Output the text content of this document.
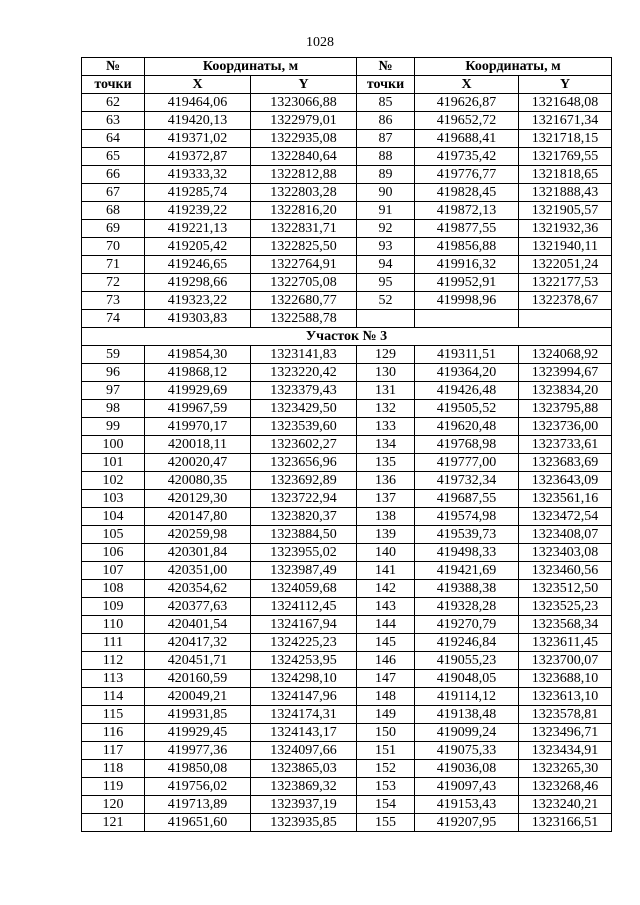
1028
№	Координаты, м		№	Координаты, м	
точки	X	Y	точки	X	Y
62	419464,06	1323066,88	85	419626,87	1321648,08
63	419420,13	1322979,01	86	419652,72	1321671,34
64	419371,02	1322935,08	87	419688,41	1321718,15
65	419372,87	1322840,64	88	419735,42	1321769,55
66	419333,32	1322812,88	89	419776,77	1321818,65
67	419285,74	1322803,28	90	419828,45	1321888,43
68	419239,22	1322816,20	91	419872,13	1321905,57
69	419221,13	1322831,71	92	419877,55	1321932,36
70	419205,42	1322825,50	93	419856,88	1321940,11
71	419246,65	1322764,91	94	419916,32	1322051,24
72	419298,66	1322705,08	95	419952,91	1322177,53
73	419323,22	1322680,77	52	419998,96	1322378,67
74	419303,83	1322588,78			
Участок № 3					
59	419854,30	1323141,83	129	419311,51	1324068,92
96	419868,12	1323220,42	130	419364,20	1323994,67
97	419929,69	1323379,43	131	419426,48	1323834,20
98	419967,59	1323429,50	132	419505,52	1323795,88
99	419970,17	1323539,60	133	419620,48	1323736,00
100	420018,11	1323602,27	134	419768,98	1323733,61
101	420020,47	1323656,96	135	419777,00	1323683,69
102	420080,35	1323692,89	136	419732,34	1323643,09
103	420129,30	1323722,94	137	419687,55	1323561,16
104	420147,80	1323820,37	138	419574,98	1323472,54
105	420259,98	1323884,50	139	419539,73	1323408,07
106	420301,84	1323955,02	140	419498,33	1323403,08
107	420351,00	1323987,49	141	419421,69	1323460,56
108	420354,62	1324059,68	142	419388,38	1323512,50
109	420377,63	1324112,45	143	419328,28	1323525,23
110	420401,54	1324167,94	144	419270,79	1323568,34
111	420417,32	1324225,23	145	419246,84	1323611,45
112	420451,71	1324253,95	146	419055,23	1323700,07
113	420160,59	1324298,10	147	419048,05	1323688,10
114	420049,21	1324147,96	148	419114,12	1323613,10
115	419931,85	1324174,31	149	419138,48	1323578,81
116	419929,45	1324143,17	150	419099,24	1323496,71
117	419977,36	1324097,66	151	419075,33	1323434,91
118	419850,08	1323865,03	152	419036,08	1323265,30
119	419756,02	1323869,32	153	419097,43	1323268,46
120	419713,89	1323937,19	154	419153,43	1323240,21
121	419651,60	1323935,85	155	419207,95	1323166,51
